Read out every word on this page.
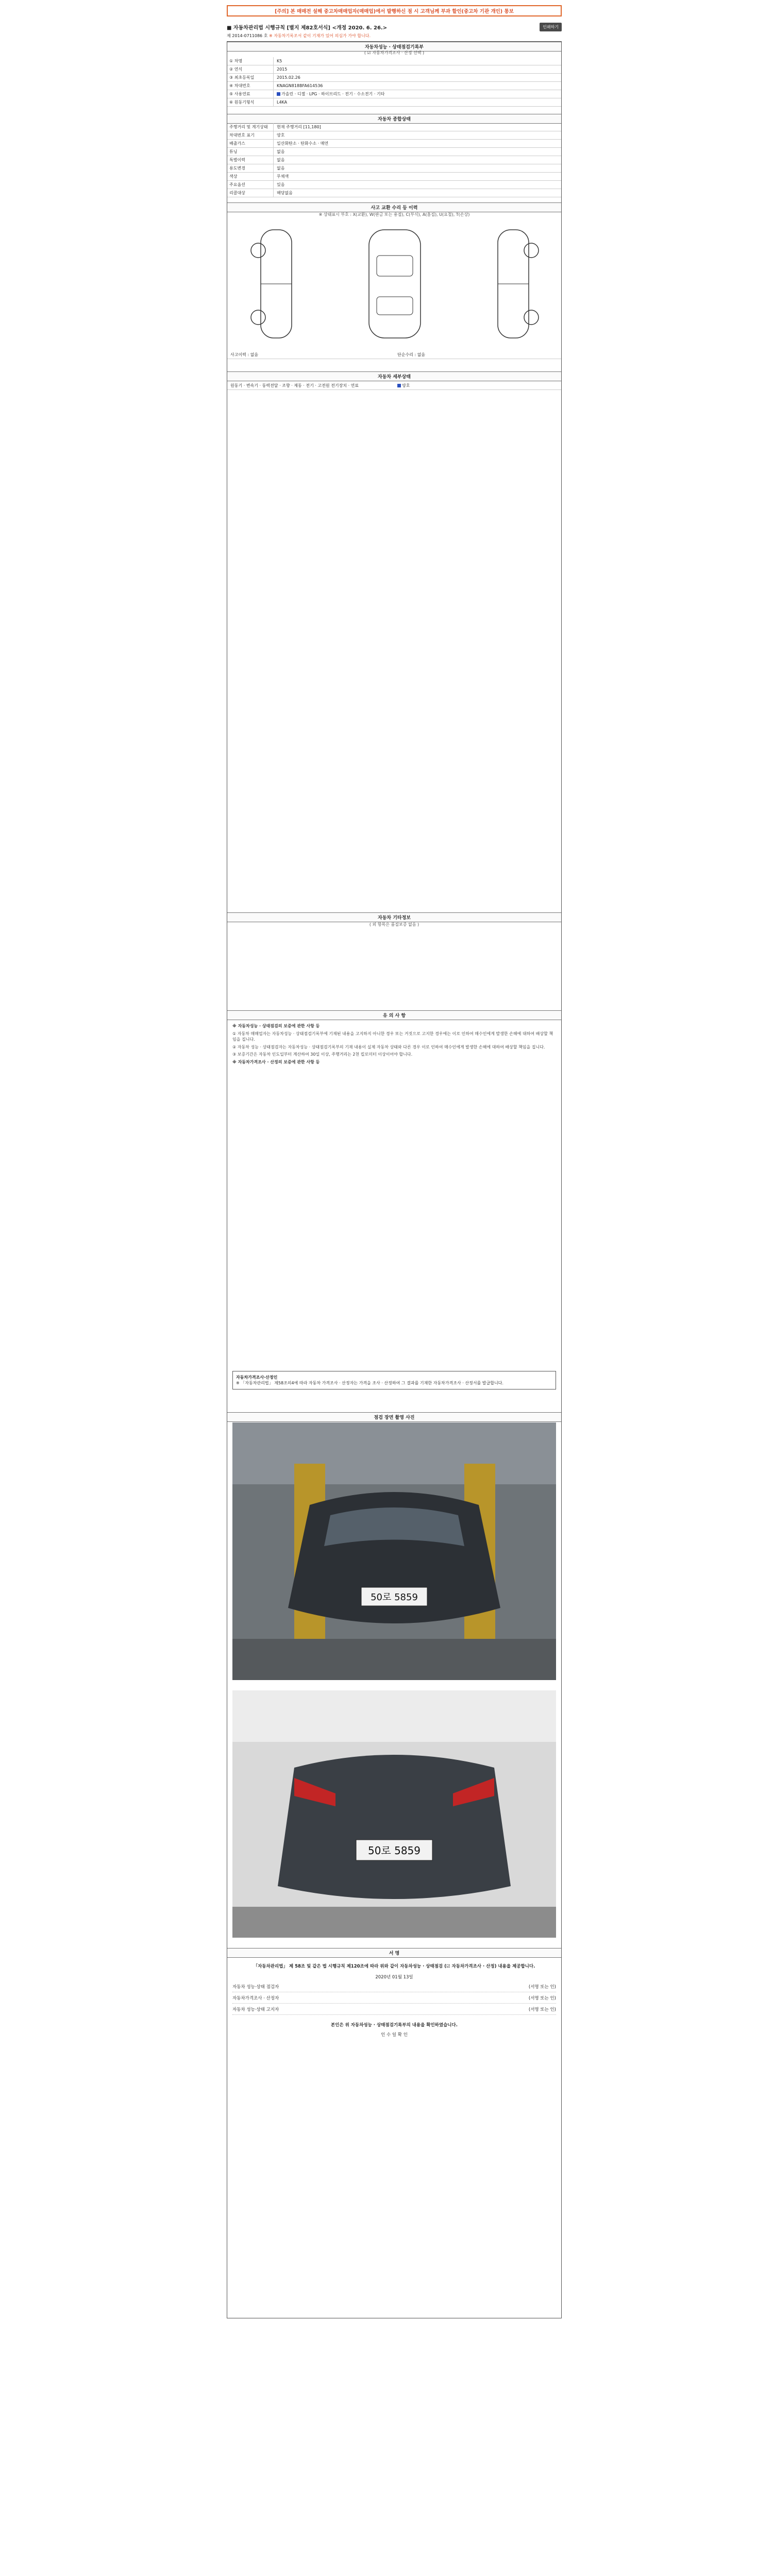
[주의] 본 매매전 설해 중고차매매업자(매매업)에서 발행하신 점 시 고객님께 부과 할인(중고차 기관 개인) 통보
■ 자동차관리법 시행규칙 [별지 제82호서식] <개정 2020. 6. 26.>	인쇄하기
제 2014-0711086 호 ※ 자동차기록조서 같이 기재가 있어 의심가 가야 합니다.
자동차성능 · 상태점검기록부
( ☑ 자동차가격조사 · 산정 선택 )
① 차명	K5
② 연식	2015
③ 최초등록일	2015.02.26
④ 차대번호	KNAGN818BFA614536
⑤ 사용연료	가솔린 · 디젤 · LPG · 하이브리드 · 전기 · 수소전기 · 기타
⑥ 원동기형식	L4KA
자동차 종합상태
주행거리 및 계기상태	현재 주행거리 [11,180]
차대번호 표기	양호
배출가스	일산화탄소 · 탄화수소 · 매연
튜닝	없음
특별이력	없음
용도변경	없음
색상	무채색
주요옵션	있음
리콜대상	해당없음
사고 교환 수리 등 이력
※ 상태표시 부호 : X(교환), W(판금 또는 용접), C(부식), A(흠집), U(요철), T(손상)
사고이력 : 없음	단순수리 : 없음
자동차 세부상태
원동기 · 변속기 · 동력전달 · 조향 · 제동 · 전기 · 고전원 전기장치 · 연료	양호
자동차 기타정보
( 외 항목은 품질보증 없음 )
유 의 사 항

※ 자동차성능 · 상태점검의 보증에 관한 사항 등

① 자동차 매매업자는 자동차성능 · 상태점검기록부에 기재된 내용을 고지하지 아니한 경우 또는 거짓으로 고지한 경우에는 이로 인하여 매수인에게 발생한 손해에 대하여 배상할 책임을 집니다.

② 자동차 성능 · 상태점검자는 자동차성능 · 상태점검기록부의 기재 내용이 실제 자동차 상태와 다른 경우 이로 인하여 매수인에게 발생한 손해에 대하여 배상할 책임을 집니다.

③ 보증기간은 자동차 인도일부터 계산하여 30일 이상, 주행거리는 2천 킬로미터 이상이어야 합니다.

※ 자동차가격조사 · 산정의 보증에 관한 사항 등

자동차가격조사·산정인
※ 「자동차관리법」 제58조의4에 따라 자동차 가격조사 · 산정자는 가격을 조사 · 산정하여 그 결과를 기재한 자동차가격조사 · 산정서를 발급합니다.
점검 장면 촬영 사진
50로 5859
50로 5859
서 명
「자동차관리법」 제 58조 및 같은 법 시행규칙 제120조에 따라 위와 같이 자동차성능 · 상태점검 (☑ 자동차가격조사 · 산정) 내용을 제공합니다.
2020년 01월 13일
자동차 성능·상태 점검자	(서명 또는 인)
자동차가격조사 · 산정자	(서명 또는 인)
자동차 성능·상태 고지자	(서명 또는 인)
본인은 위 자동차성능 · 상태점검기록부의 내용을 확인하였습니다.
인 수 일 확 인
